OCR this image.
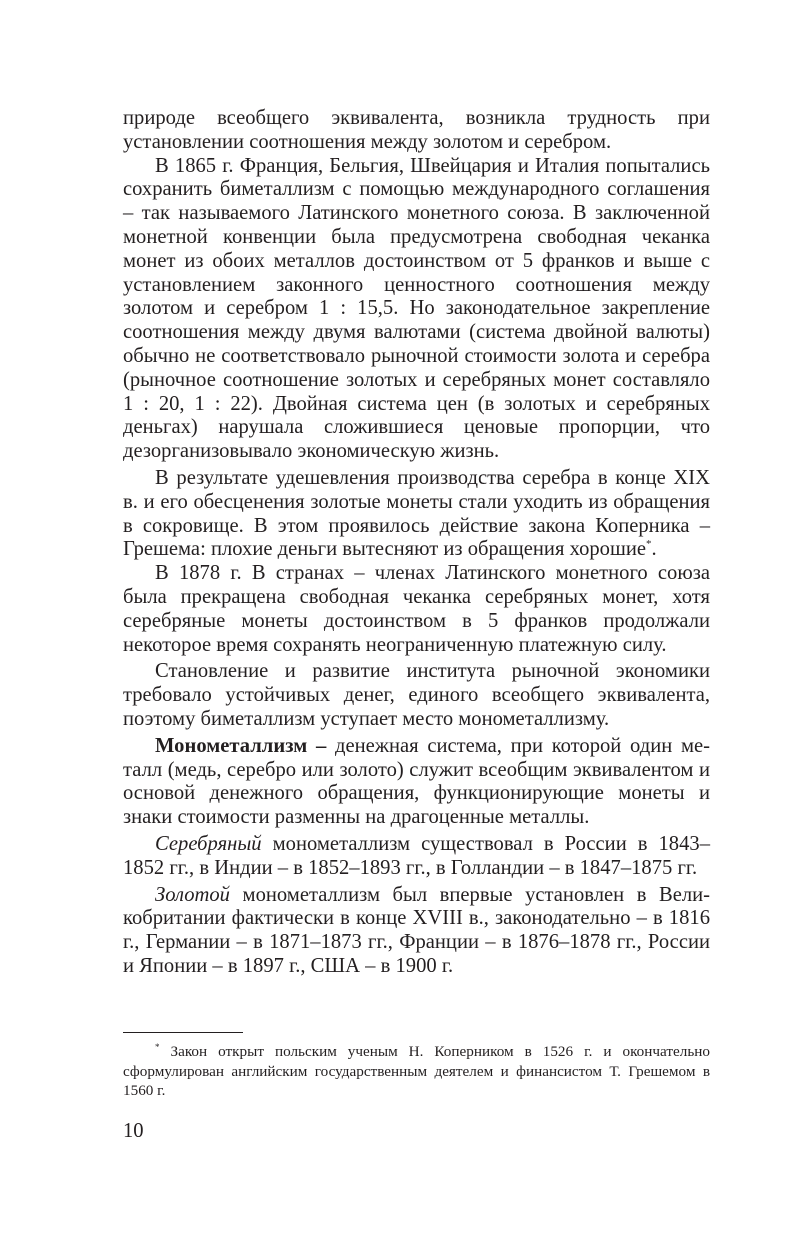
природе всеобщего эквивалента, возникла трудность при установлении соотношения между золотом и серебром.

В 1865 г. Франция, Бельгия, Швейцария и Италия попытались сохранить биметаллизм с помощью международного соглашения – так называемого Латинского монетного союза. В заключенной монетной конвенции была предусмотрена свободная чеканка монет из обоих металлов достоинством от 5 франков и выше с установлением законного ценностного соотношения между золотом и серебром 1 : 15,5. Но законодательное закрепление соотношения между двумя валютами (система двойной валюты) обычно не соответствовало рыночной стоимости золота и серебра (рыночное соотношение золотых и серебряных монет составляло 1 : 20, 1 : 22). Двойная система цен (в золотых и серебряных деньгах) нарушала сложившиеся ценовые пропорции, что дезорганизовывало экономическую жизнь.

В результате удешевления производства серебра в конце XIX в. и его обесценения золотые монеты стали уходить из обращения в сокровище. В этом проявилось действие закона Коперника – Грешема: плохие деньги вытесняют из обращения хорошие*.

В 1878 г. В странах – членах Латинского монетного союза была прекращена свободная чеканка серебряных монет, хотя серебряные монеты достоинством в 5 франков продолжали некоторое время сохранять неограниченную платежную силу.

Становление и развитие института рыночной экономики требовало устойчивых денег, единого всеобщего эквивалента, поэтому биметаллизм уступает место монометаллизму.

Монометаллизм – денежная система, при которой один металл (медь, серебро или золото) служит всеобщим эквивалентом и основой денежного обращения, функционирующие монеты и знаки стоимости разменны на драгоценные металлы.

Серебряный монометаллизм существовал в России в 1843–1852 гг., в Индии – в 1852–1893 гг., в Голландии – в 1847–1875 гг.

Золотой монометаллизм был впервые установлен в Великобритании фактически в конце XVIII в., законодательно – в 1816 г., Германии – в 1871–1873 гг., Франции – в 1876–1878 гг., России и Японии – в 1897 г., США – в 1900 г.

* Закон открыт польским ученым Н. Коперником в 1526 г. и окончательно сформулирован английским государственным деятелем и финансистом Т. Грешемом в 1560 г.
10
